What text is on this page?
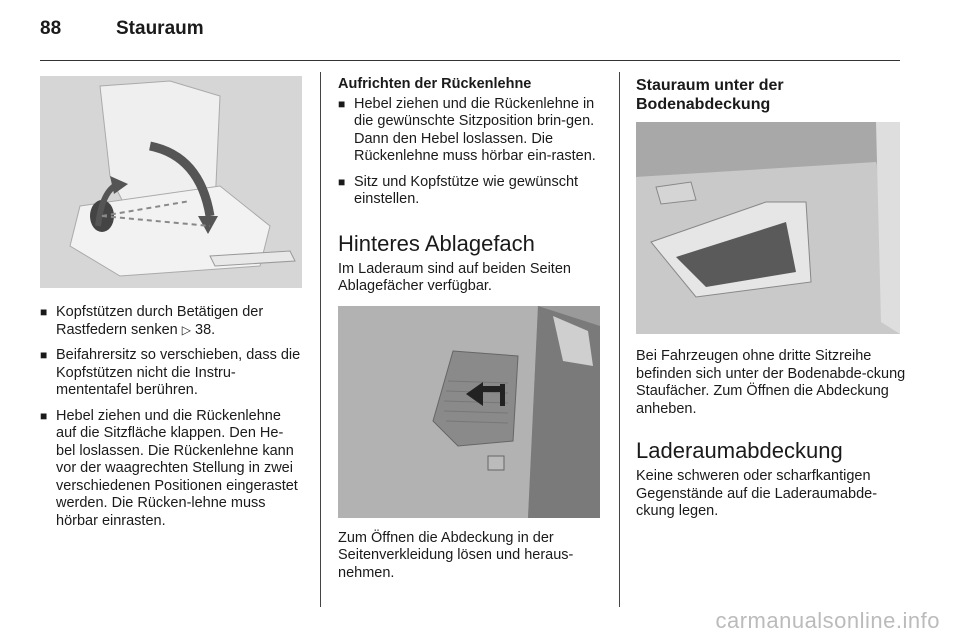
88	Stauraum
■ Kopfstützen durch Betätigen der Rastfedern senken ▷ 38.
■ Beifahrersitz so verschieben, dass die Kopfstützen nicht die Instru-mententafel berühren.
■ Hebel ziehen und die Rückenlehne auf die Sitzfläche klappen. Den He-bel loslassen. Die Rückenlehne kann vor der waagrechten Stellung in zwei verschiedenen Positionen eingerastet werden. Die Rücken-lehne muss hörbar einrasten.
Aufrichten der Rückenlehne
■ Hebel ziehen und die Rückenlehne in die gewünschte Sitzposition brin-gen. Dann den Hebel loslassen. Die Rückenlehne muss hörbar ein-rasten.
■ Sitz und Kopfstütze wie gewünscht einstellen.
Hinteres Ablagefach

Im Laderaum sind auf beiden Seiten Ablagefächer verfügbar.

Zum Öffnen die Abdeckung in der Seitenverkleidung lösen und heraus-nehmen.

Stauraum unter der Bodenabdeckung

Bei Fahrzeugen ohne dritte Sitzreihe befinden sich unter der Bodenabde-ckung Staufächer. Zum Öffnen die Abdeckung anheben.

Laderaumabdeckung

Keine schweren oder scharfkantigen Gegenstände auf die Laderaumabde-ckung legen.

carmanualsonline.info
